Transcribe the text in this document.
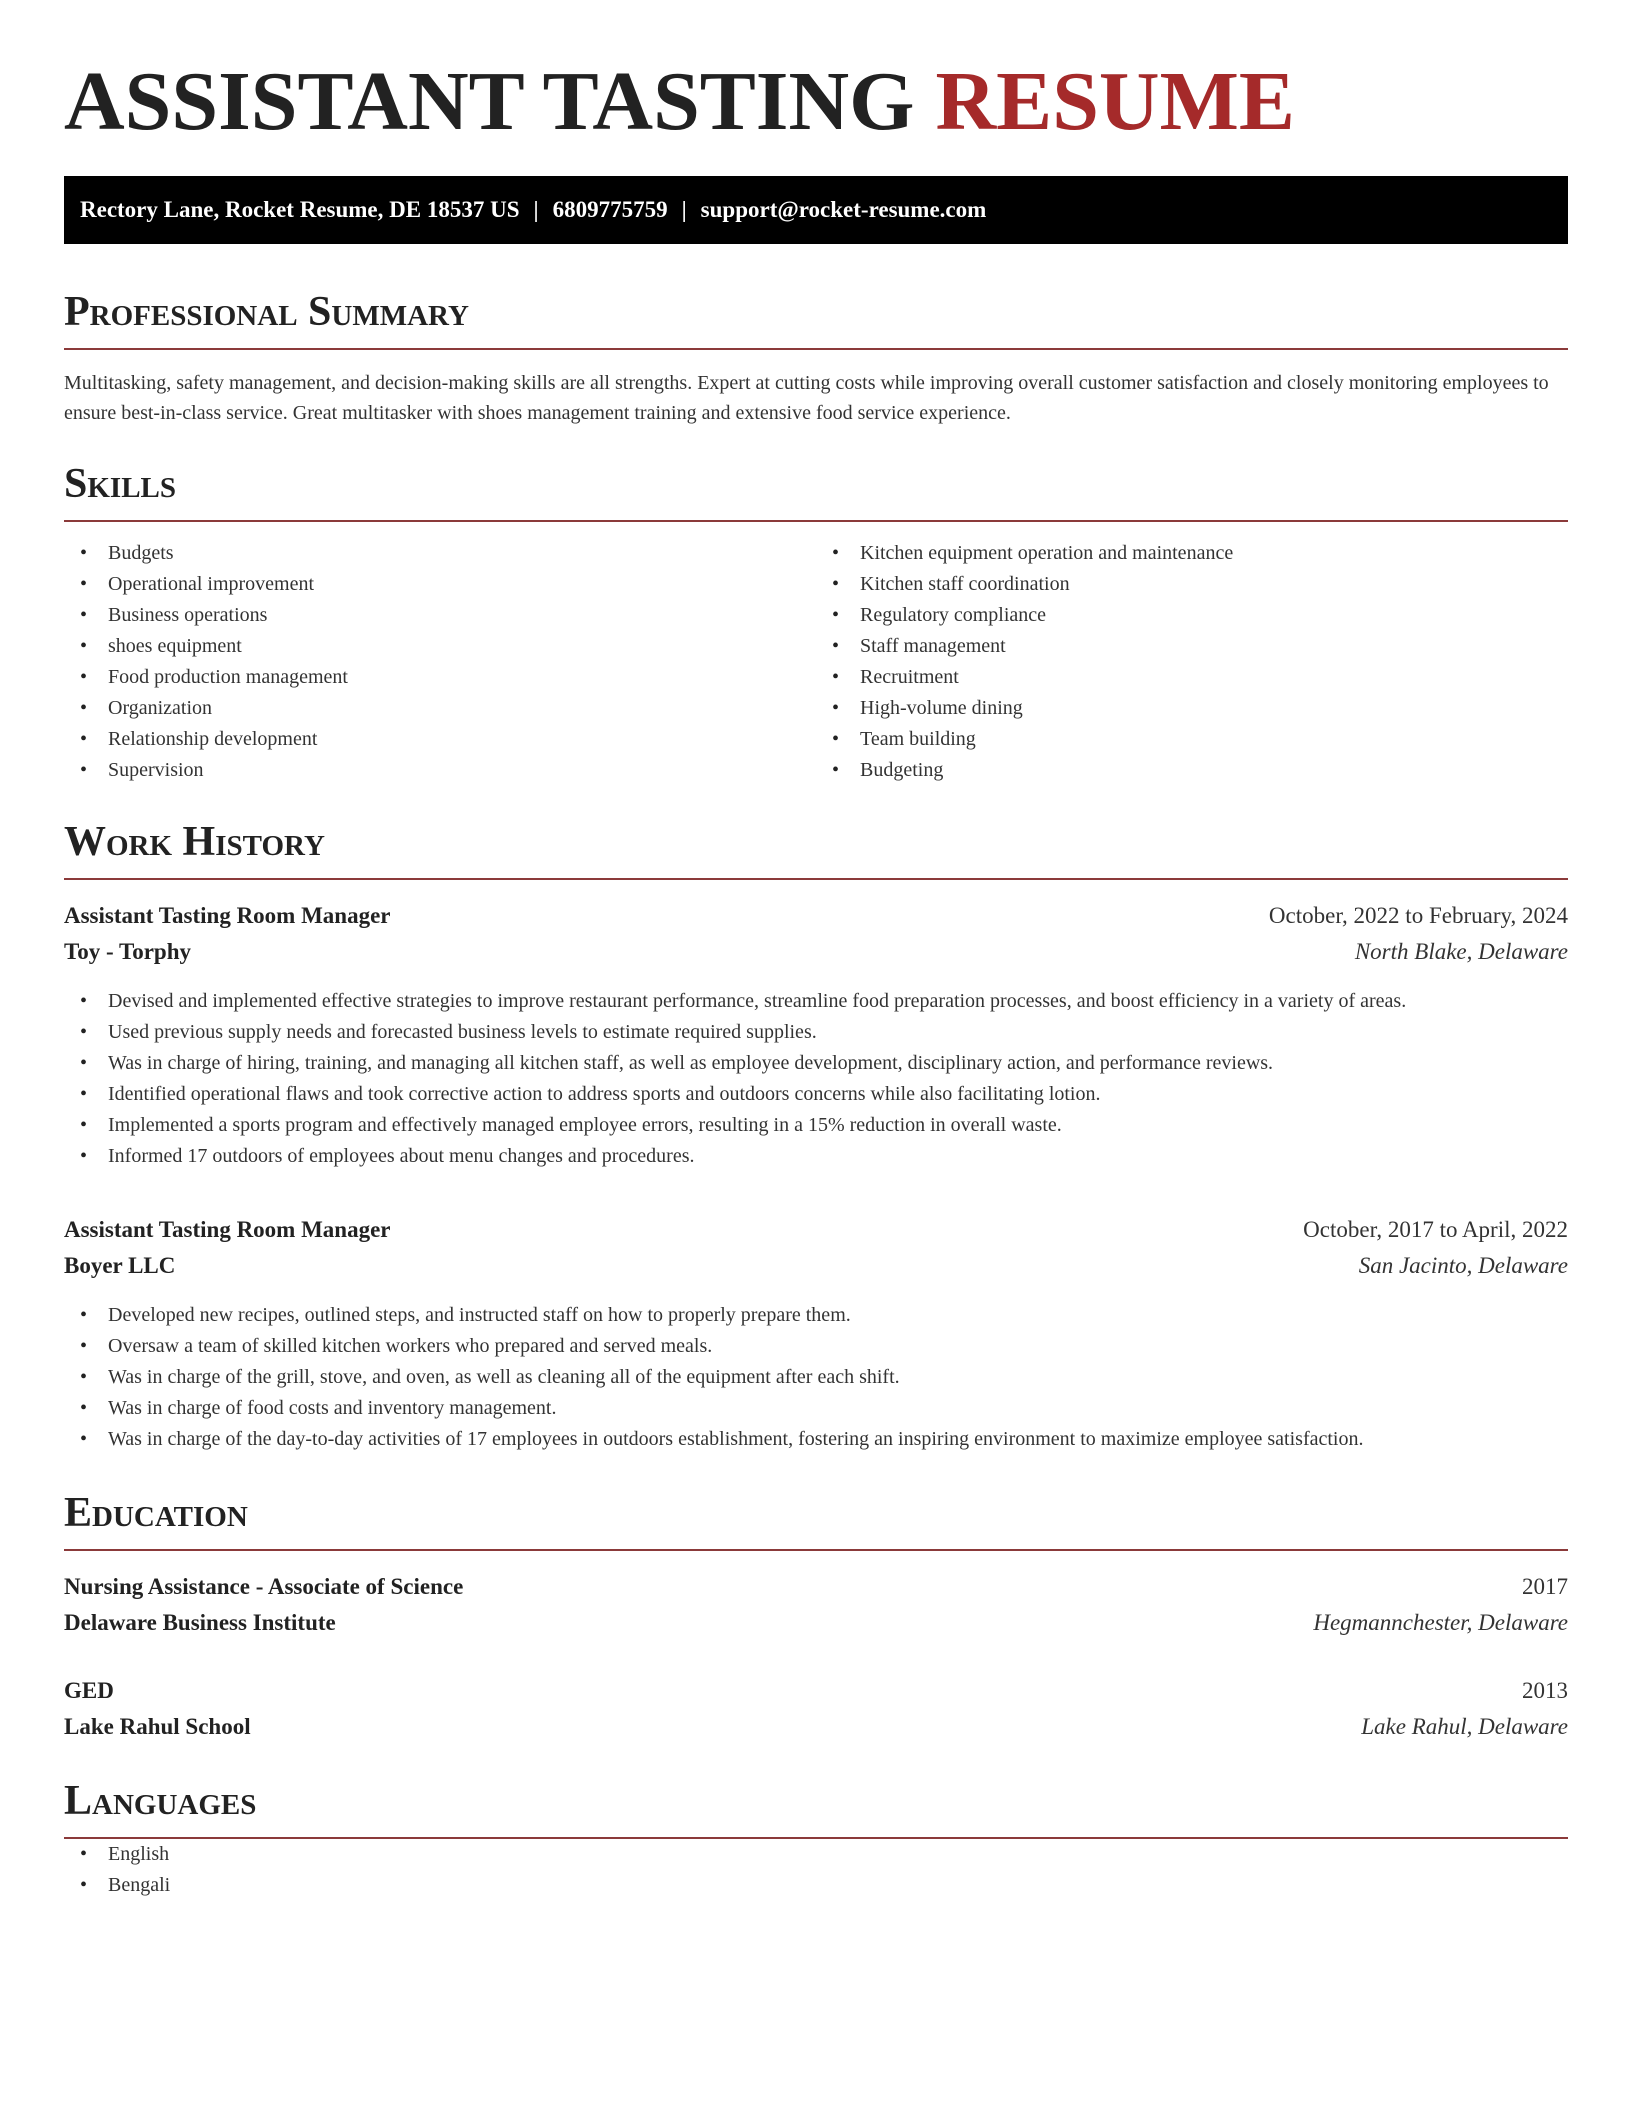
ASSISTANT TASTING RESUME
Rectory Lane, Rocket Resume, DE 18537 US | 6809775759 | support@rocket-resume.com
Professional Summary

Multitasking, safety management, and decision-making skills are all strengths. Expert at cutting costs while improving overall customer satisfaction and closely monitoring employees to ensure best-in-class service. Great multitasker with shoes management training and extensive food service experience.

Skills
• Budgets
• Operational improvement
• Business operations
• shoes equipment
• Food production management
• Organization
• Relationship development
• Supervision
• Kitchen equipment operation and maintenance
• Kitchen staff coordination
• Regulatory compliance
• Staff management
• Recruitment
• High-volume dining
• Team building
• Budgeting
Work History
Assistant Tasting Room Manager	October, 2022 to February, 2024
Toy - Torphy	North Blake, Delaware
• Devised and implemented effective strategies to improve restaurant performance, streamline food preparation processes, and boost efficiency in a variety of areas.
• Used previous supply needs and forecasted business levels to estimate required supplies.
• Was in charge of hiring, training, and managing all kitchen staff, as well as employee development, disciplinary action, and performance reviews.
• Identified operational flaws and took corrective action to address sports and outdoors concerns while also facilitating lotion.
• Implemented a sports program and effectively managed employee errors, resulting in a 15% reduction in overall waste.
• Informed 17 outdoors of employees about menu changes and procedures.
Assistant Tasting Room Manager	October, 2017 to April, 2022
Boyer LLC	San Jacinto, Delaware
• Developed new recipes, outlined steps, and instructed staff on how to properly prepare them.
• Oversaw a team of skilled kitchen workers who prepared and served meals.
• Was in charge of the grill, stove, and oven, as well as cleaning all of the equipment after each shift.
• Was in charge of food costs and inventory management.
• Was in charge of the day-to-day activities of 17 employees in outdoors establishment, fostering an inspiring environment to maximize employee satisfaction.
Education
Nursing Assistance - Associate of Science	2017
Delaware Business Institute	Hegmannchester, Delaware
GED	2013
Lake Rahul School	Lake Rahul, Delaware
Languages
• English
• Bengali
